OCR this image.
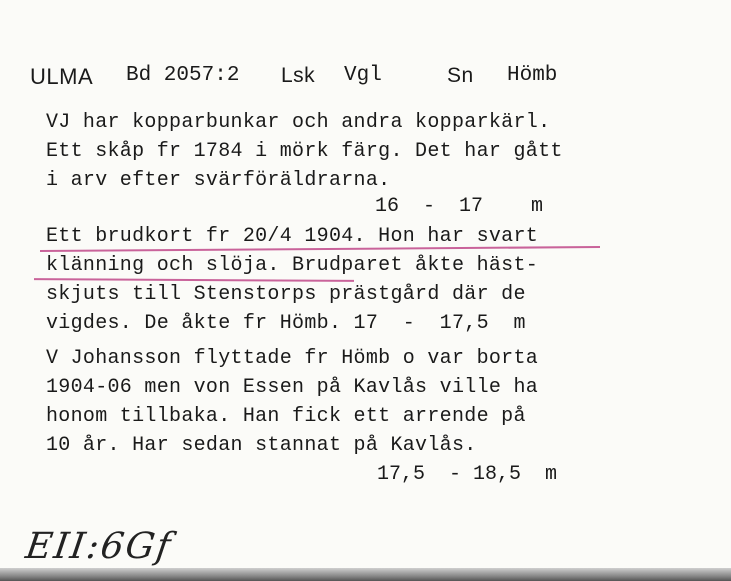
ULMA Bd 2057:2 Lsk Vgl	Sn Hömb
VJ har kopparbunkar och andra kopparkärl.
Ett skåp fr 1784 i mörk färg. Det har gått
i arv efter svärföräldrarna.
16  -  17    m
Ett brudkort fr 20/4 1904. Hon har svart
klänning och slöja. Brudparet åkte häst-
skjuts till Stenstorps prästgård där de
vigdes. De åkte fr Hömb. 17  -  17,5  m
V Johansson flyttade fr Hömb o var borta
1904-06 men von Essen på Kavlås ville ha
honom tillbaka. Han fick ett arrende på
10 år. Har sedan stannat på Kavlås.
17,5  - 18,5  m
EII:6Gf
